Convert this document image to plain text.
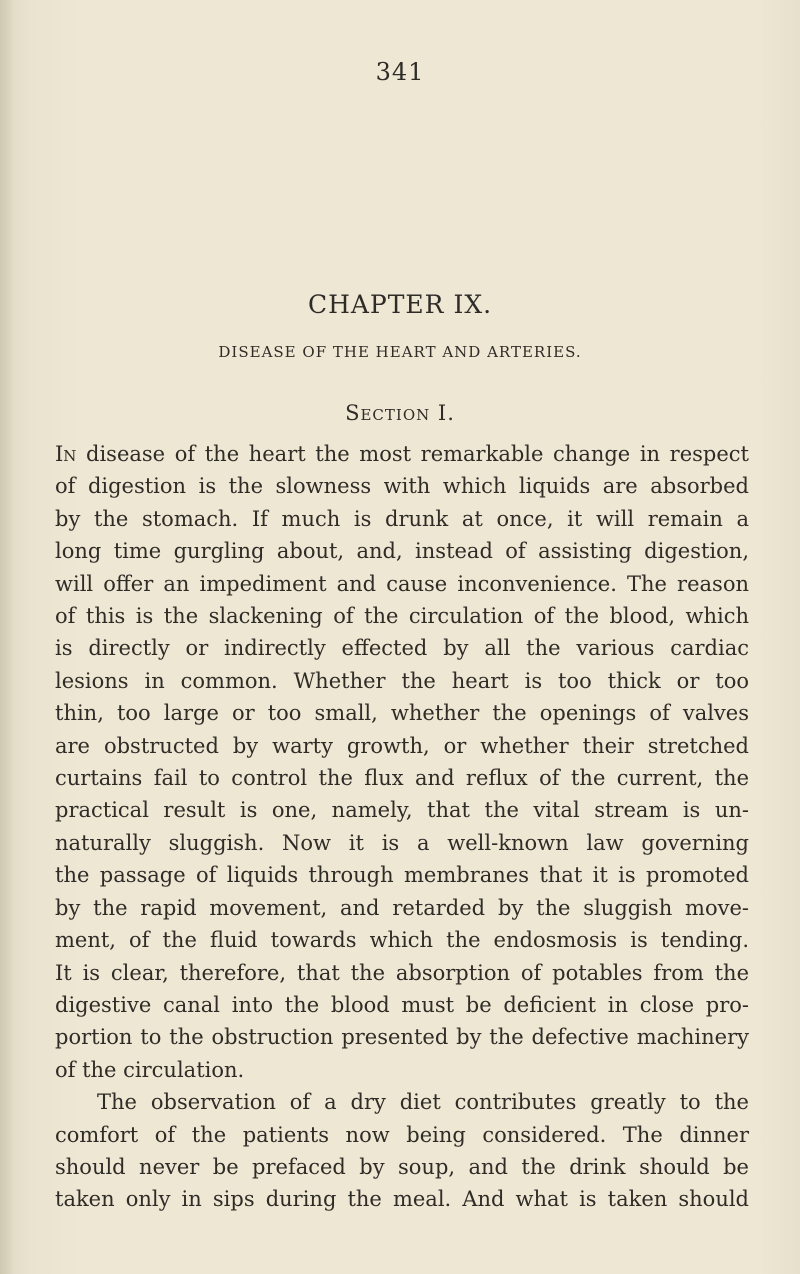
341
CHAPTER IX.
DISEASE OF THE HEART AND ARTERIES.
Section I.
In disease of the heart the most remarkable change in respect
of digestion is the slowness with which liquids are absorbed
by the stomach. If much is drunk at once, it will remain a
long time gurgling about, and, instead of assisting digestion,
will offer an impediment and cause inconvenience. The reason
of this is the slackening of the circulation of the blood, which
is directly or indirectly effected by all the various cardiac
lesions in common. Whether the heart is too thick or too
thin, too large or too small, whether the openings of valves
are obstructed by warty growth, or whether their stretched
curtains fail to control the flux and reflux of the current, the
practical result is one, namely, that the vital stream is un-
naturally sluggish. Now it is a well-known law governing
the passage of liquids through membranes that it is promoted
by the rapid movement, and retarded by the sluggish move-
ment, of the fluid towards which the endosmosis is tending.
It is clear, therefore, that the absorption of potables from the
digestive canal into the blood must be deficient in close pro-
portion to the obstruction presented by the defective machinery
of the circulation.
The observation of a dry diet contributes greatly to the
comfort of the patients now being considered. The dinner
should never be prefaced by soup, and the drink should be
taken only in sips during the meal. And what is taken should
